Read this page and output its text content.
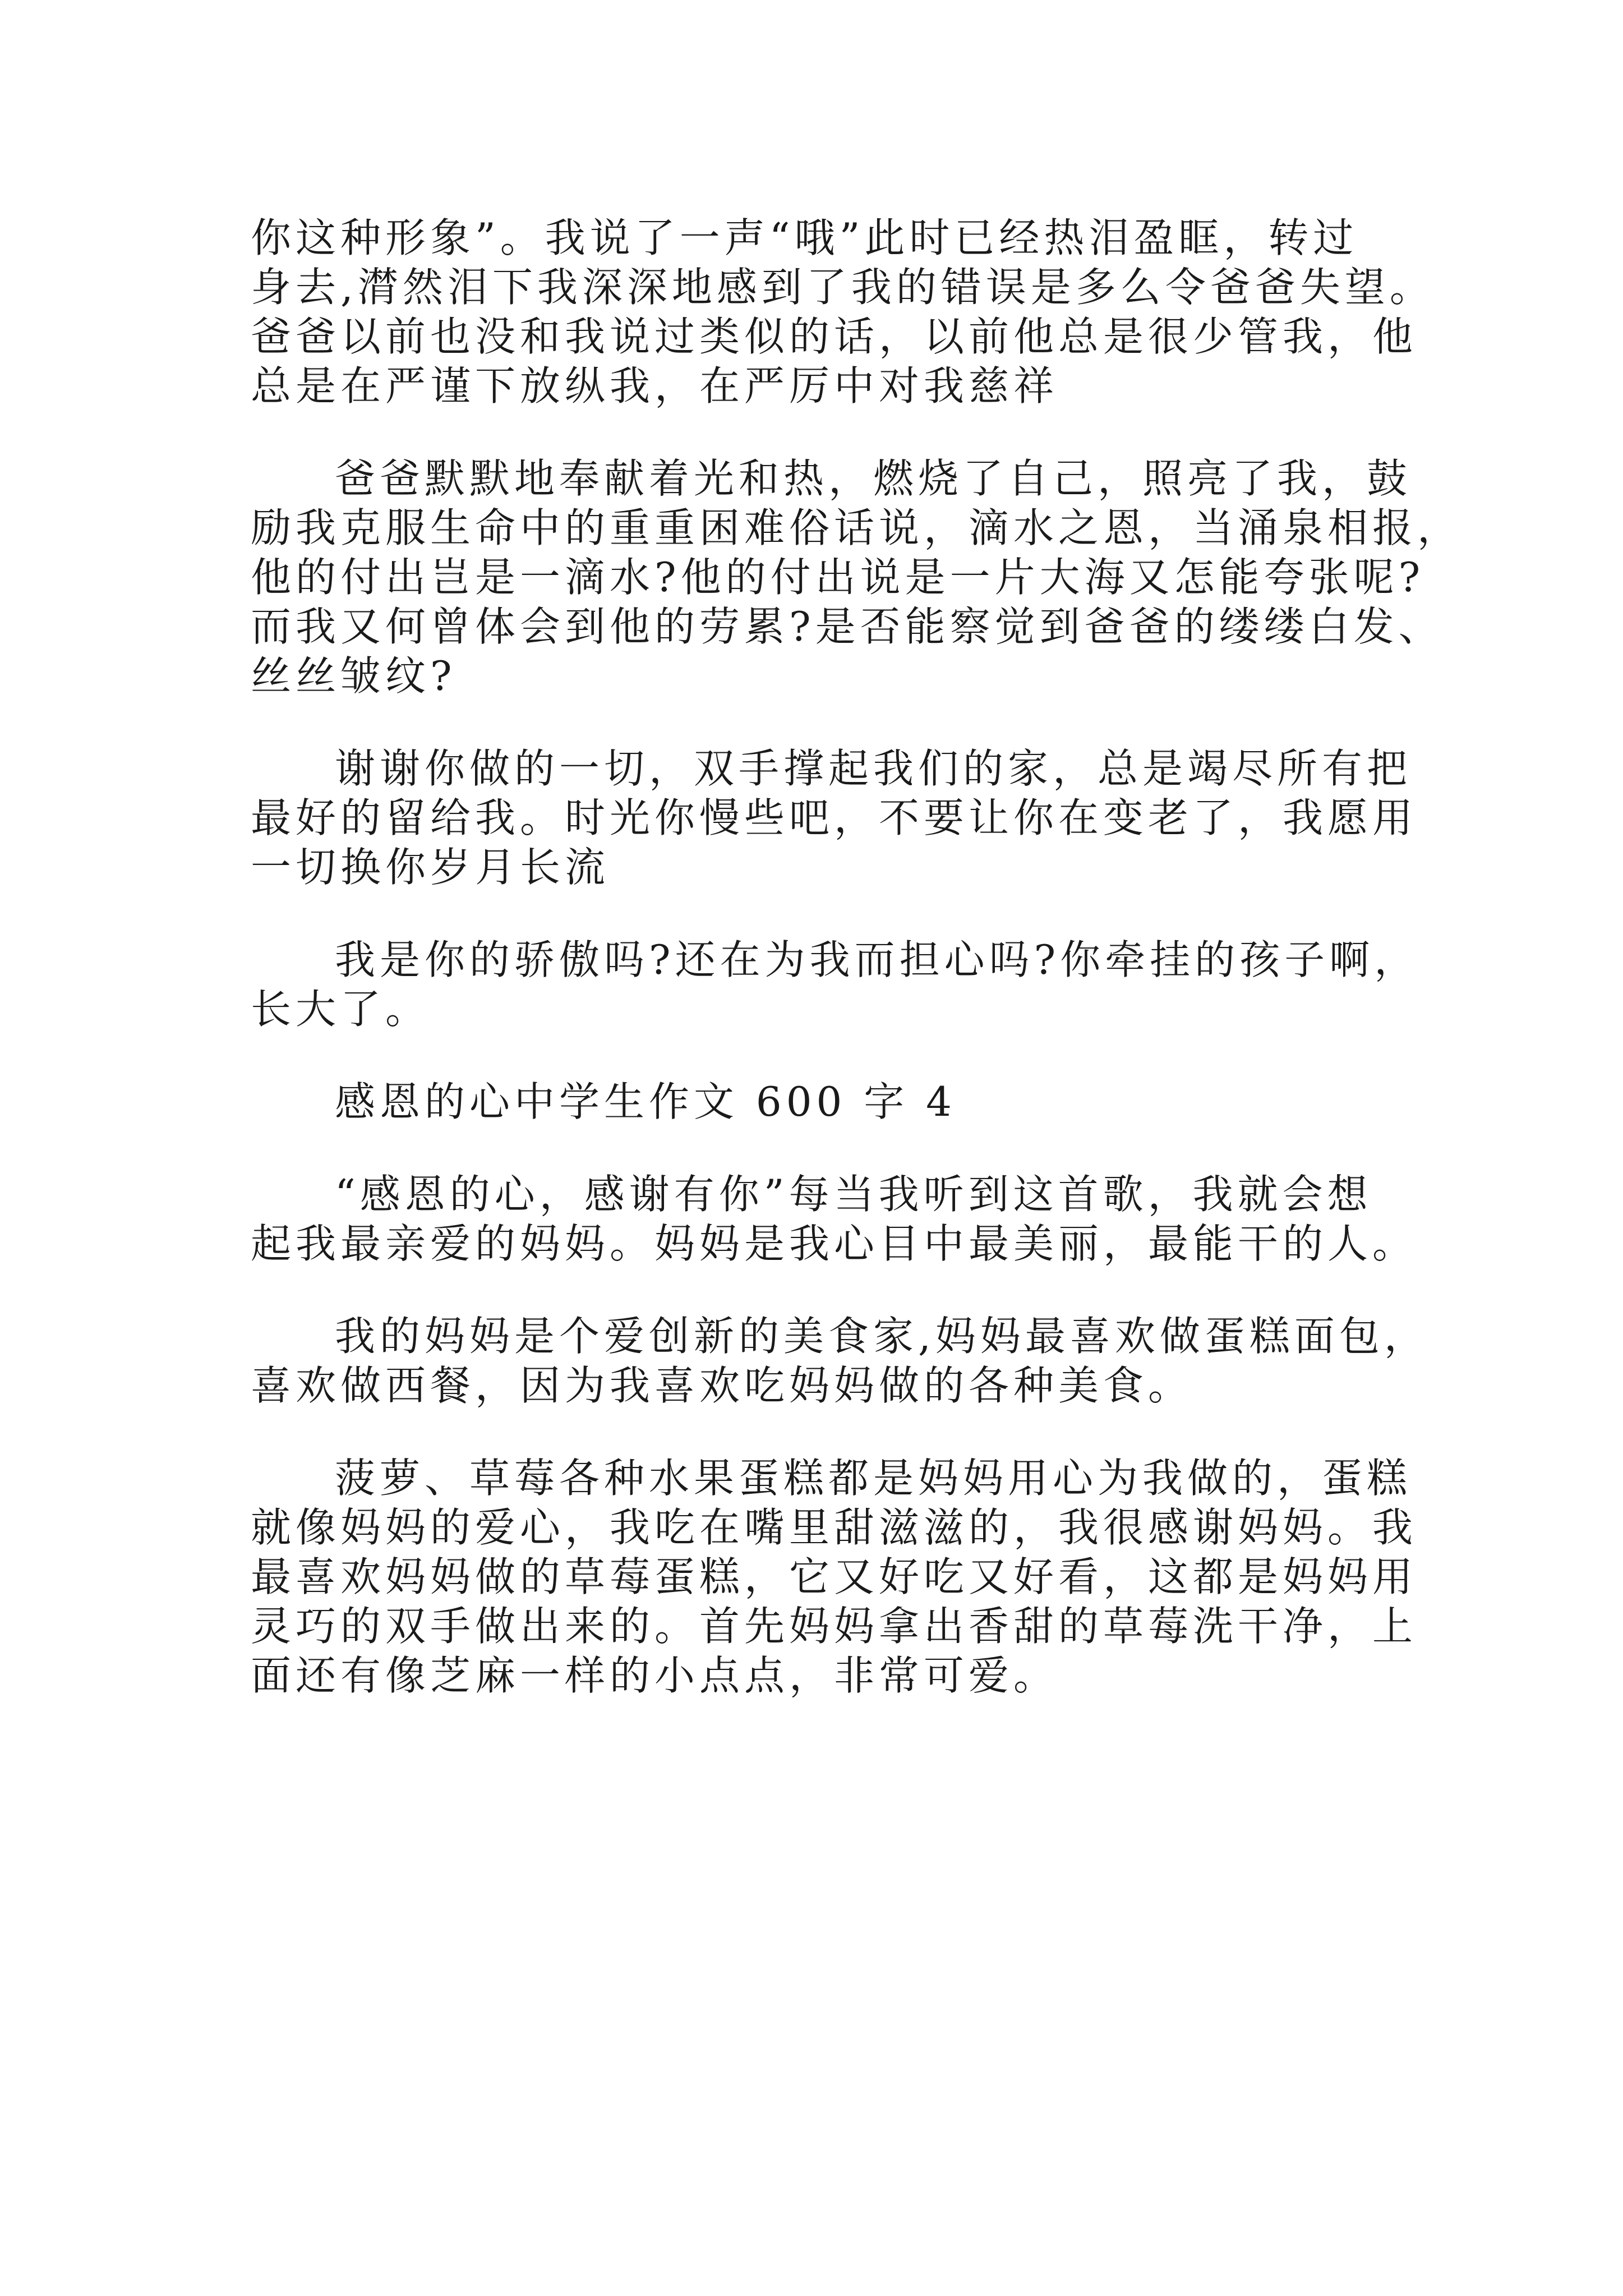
你这种形象”。我说了一声“哦”此时已经热泪盈眶，转过

身去,潸然泪下我深深地感到了我的错误是多么令爸爸失望。

爸爸以前也没和我说过类似的话，以前他总是很少管我，他

总是在严谨下放纵我，在严厉中对我慈祥

爸爸默默地奉献着光和热，燃烧了自己，照亮了我，鼓

励我克服生命中的重重困难俗话说，滴水之恩，当涌泉相报，

他的付出岂是一滴水?他的付出说是一片大海又怎能夸张呢?

而我又何曾体会到他的劳累?是否能察觉到爸爸的缕缕白发、

丝丝皱纹?

谢谢你做的一切，双手撑起我们的家，总是竭尽所有把

最好的留给我。时光你慢些吧，不要让你在变老了，我愿用

一切换你岁月长流

我是你的骄傲吗?还在为我而担心吗?你牵挂的孩子啊，

长大了。

感恩的心中学生作文 600 字 4

“感恩的心，感谢有你”每当我听到这首歌，我就会想

起我最亲爱的妈妈。妈妈是我心目中最美丽，最能干的人。

我的妈妈是个爱创新的美食家,妈妈最喜欢做蛋糕面包，

喜欢做西餐，因为我喜欢吃妈妈做的各种美食。

菠萝、草莓各种水果蛋糕都是妈妈用心为我做的，蛋糕

就像妈妈的爱心，我吃在嘴里甜滋滋的，我很感谢妈妈。我

最喜欢妈妈做的草莓蛋糕，它又好吃又好看，这都是妈妈用

灵巧的双手做出来的。首先妈妈拿出香甜的草莓洗干净，上

面还有像芝麻一样的小点点，非常可爱。
